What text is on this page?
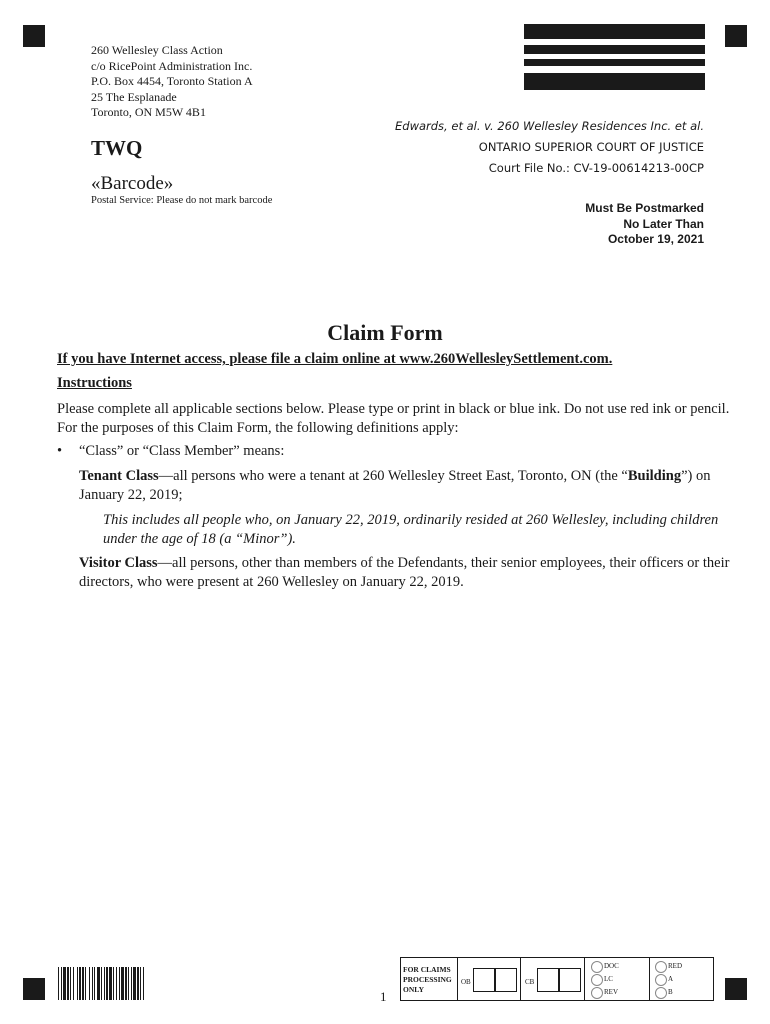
260 Wellesley Class Action
c/o RicePoint Administration Inc.
P.O. Box 4454, Toronto Station A
25 The Esplanade
Toronto, ON M5W 4B1
TWQ
«Barcode»
Postal Service: Please do not mark barcode
Edwards, et al. v. 260 Wellesley Residences Inc. et al.
ONTARIO SUPERIOR COURT OF JUSTICE
Court File No.: CV-19-00614213-00CP
Must Be Postmarked
No Later Than
October 19, 2021
Claim Form
If you have Internet access, please file a claim online at www.260WellesleySettlement.com.
Instructions
Please complete all applicable sections below. Please type or print in black or blue ink. Do not use red ink or pencil. For the purposes of this Claim Form, the following definitions apply:
• “Class” or “Class Member” means:
Tenant Class—all persons who were a tenant at 260 Wellesley Street East, Toronto, ON (the “Building”) on January 22, 2019;
This includes all people who, on January 22, 2019, ordinarily resided at 260 Wellesley, including children under the age of 18 (a “Minor”).
Visitor Class—all persons, other than members of the Defendants, their senior employees, their officers or their directors, who were present at 260 Wellesley on January 22, 2019.
1
FOR CLAIMS
PROCESSING
ONLY
OB	CB
DOC
LC
REV
RED
A
B
